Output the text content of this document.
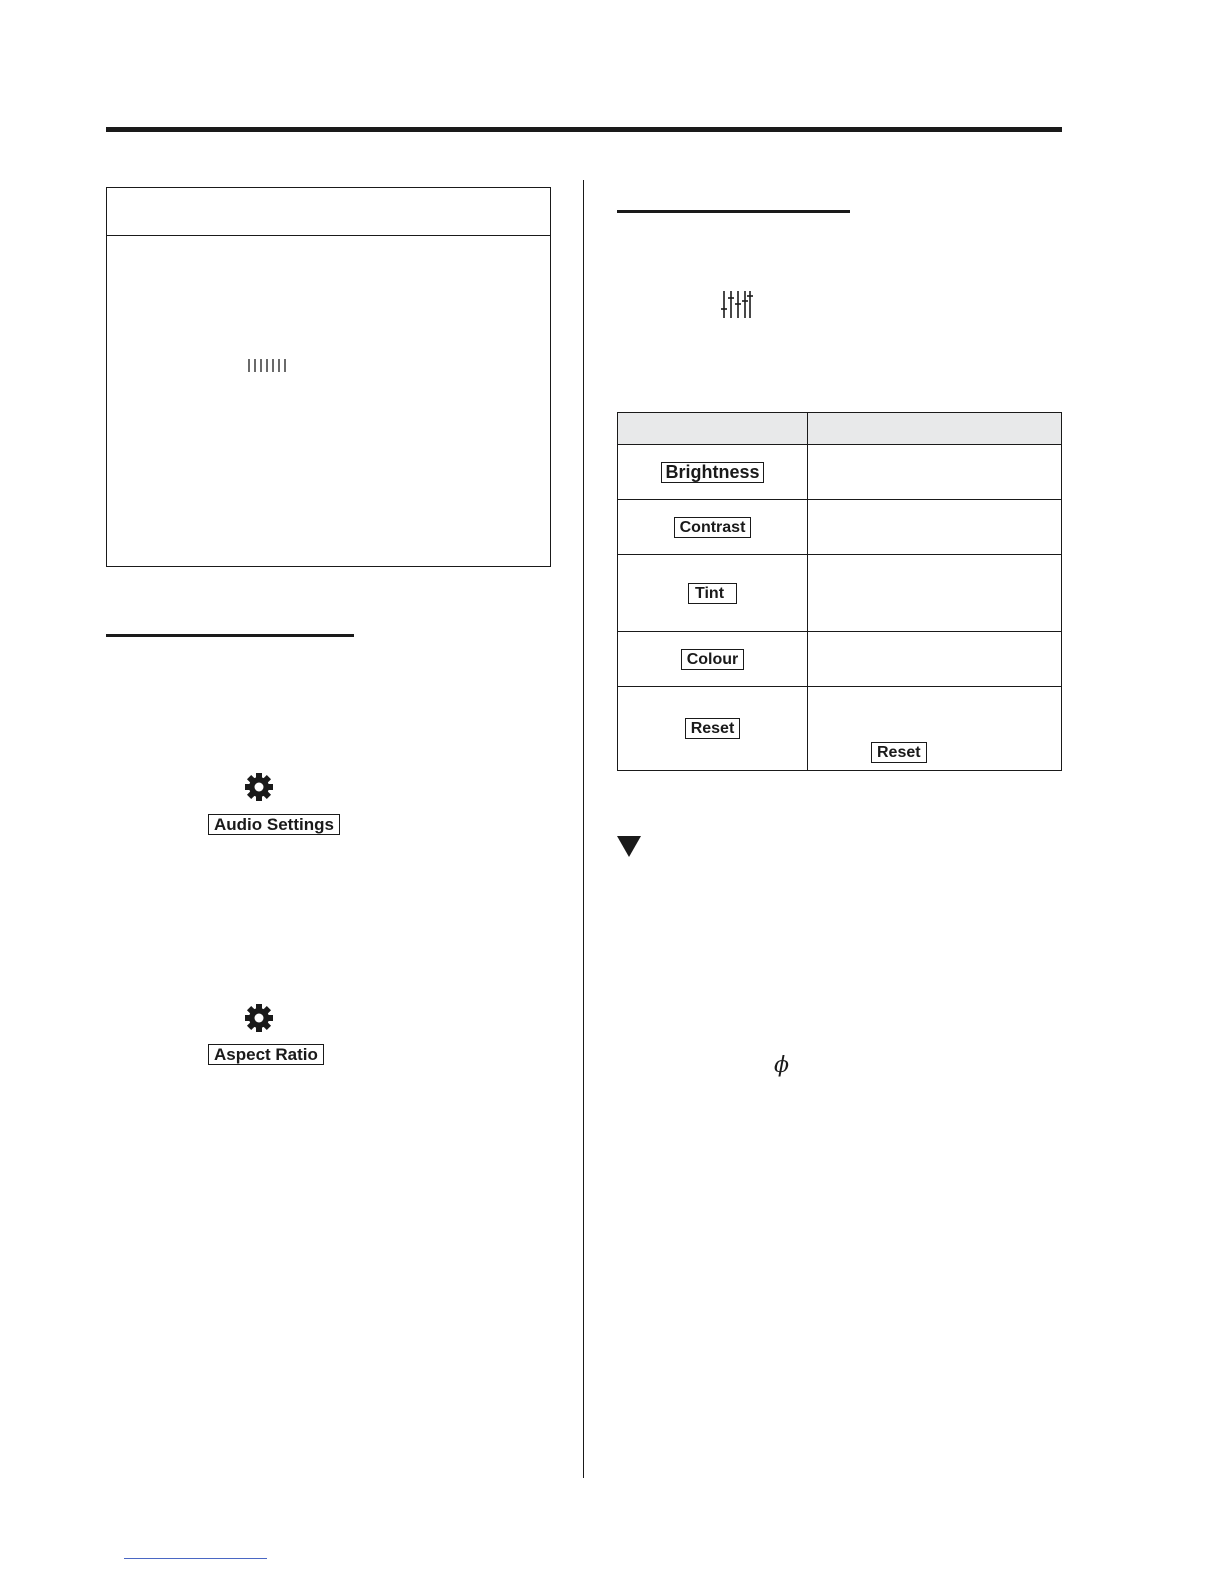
Audio Settings
Aspect Ratio

Brightness	
Contrast	
Tint	
Colour	
Reset	Reset
ϕ
